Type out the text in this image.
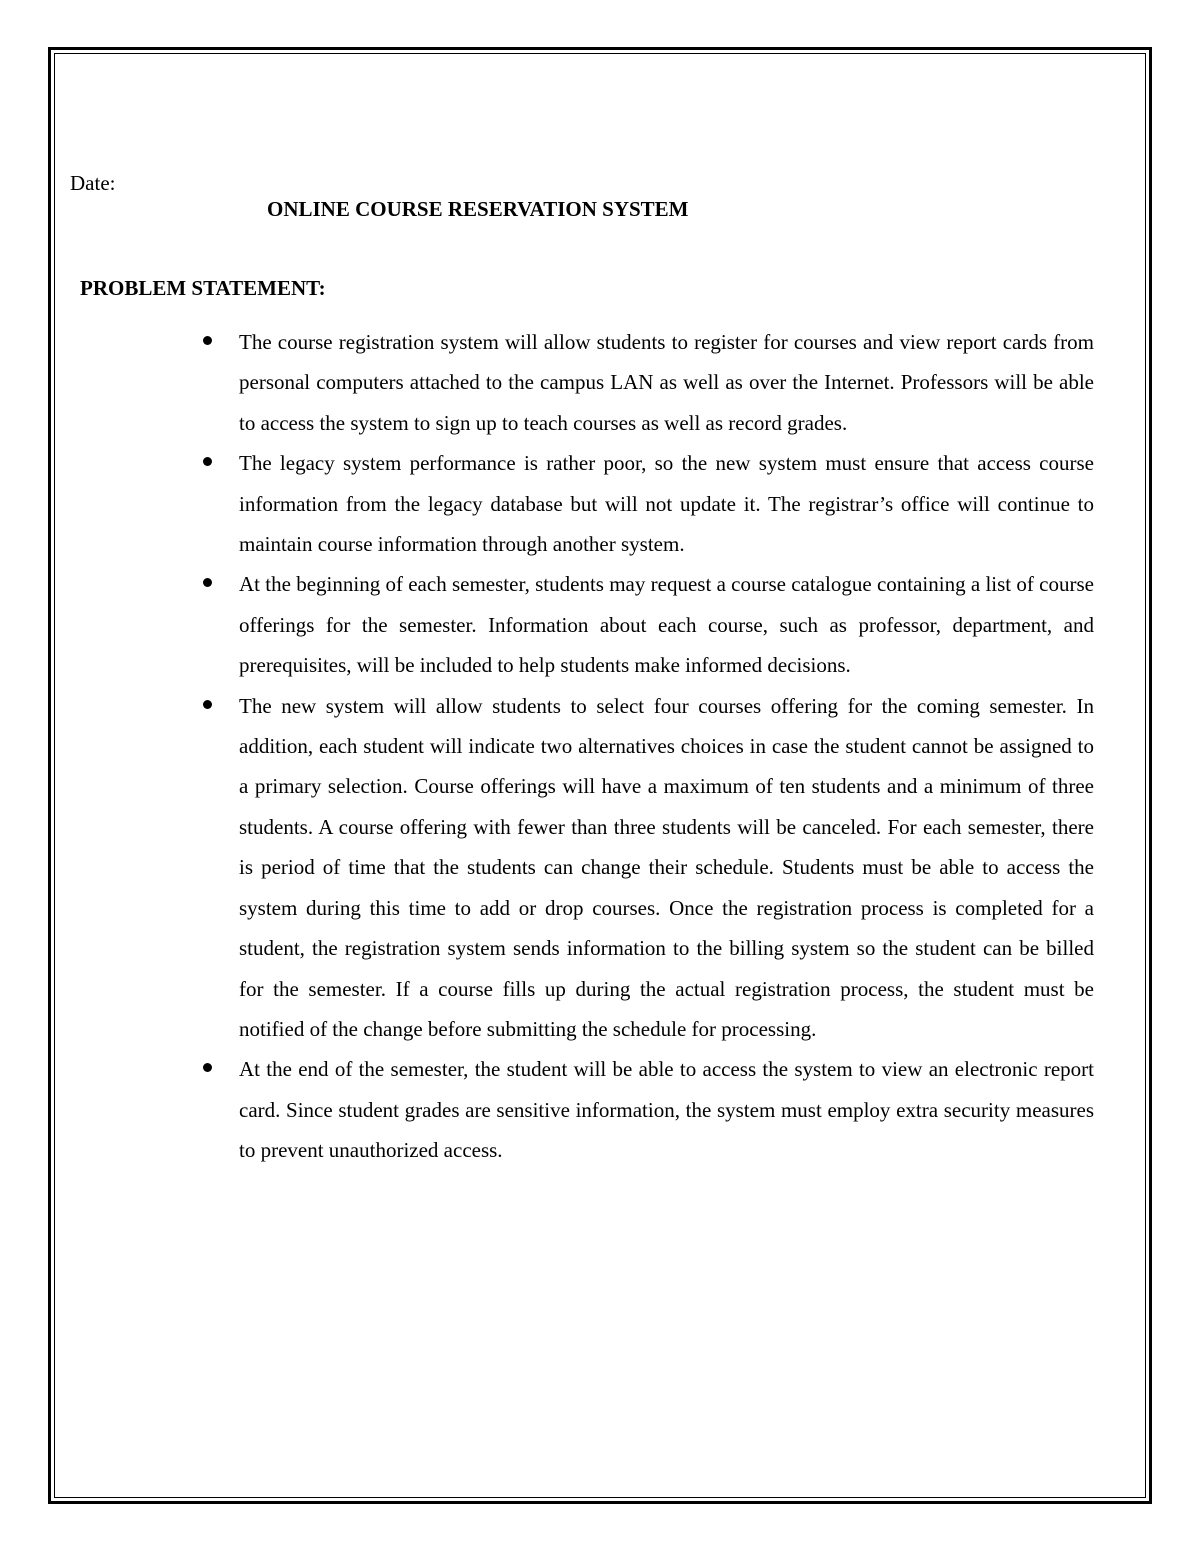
Date:
ONLINE COURSE RESERVATION SYSTEM
PROBLEM STATEMENT:
The course registration system will allow students to register for courses and view report cards from personal computers attached to the campus LAN as well as over the Internet. Professors will be able to access the system to sign up to teach courses as well as record grades.
The legacy system performance is rather poor, so the new system must ensure that access course information from the legacy database but will not update it. The registrar’s office will continue to maintain course information through another system.
At the beginning of each semester, students may request a course catalogue containing a list of course offerings for the semester. Information about each course, such as professor, department, and prerequisites, will be included to help students make informed decisions.
The new system will allow students to select four courses offering for the coming semester. In addition, each student will indicate two alternatives choices in case the student cannot be assigned to a primary selection. Course offerings will have a maximum of ten students and a minimum of three students. A course offering with fewer than three students will be canceled. For each semester, there is period of time that the students can change their schedule. Students must be able to access the system during this time to add or drop courses. Once the registration process is completed for a student, the registration system sends information to the billing system so the student can be billed for the semester. If a course fills up during the actual registration process, the student must be notified of the change before submitting the schedule for processing.
At the end of the semester, the student will be able to access the system to view an electronic report card. Since student grades are sensitive information, the system must employ extra security measures to prevent unauthorized access.
